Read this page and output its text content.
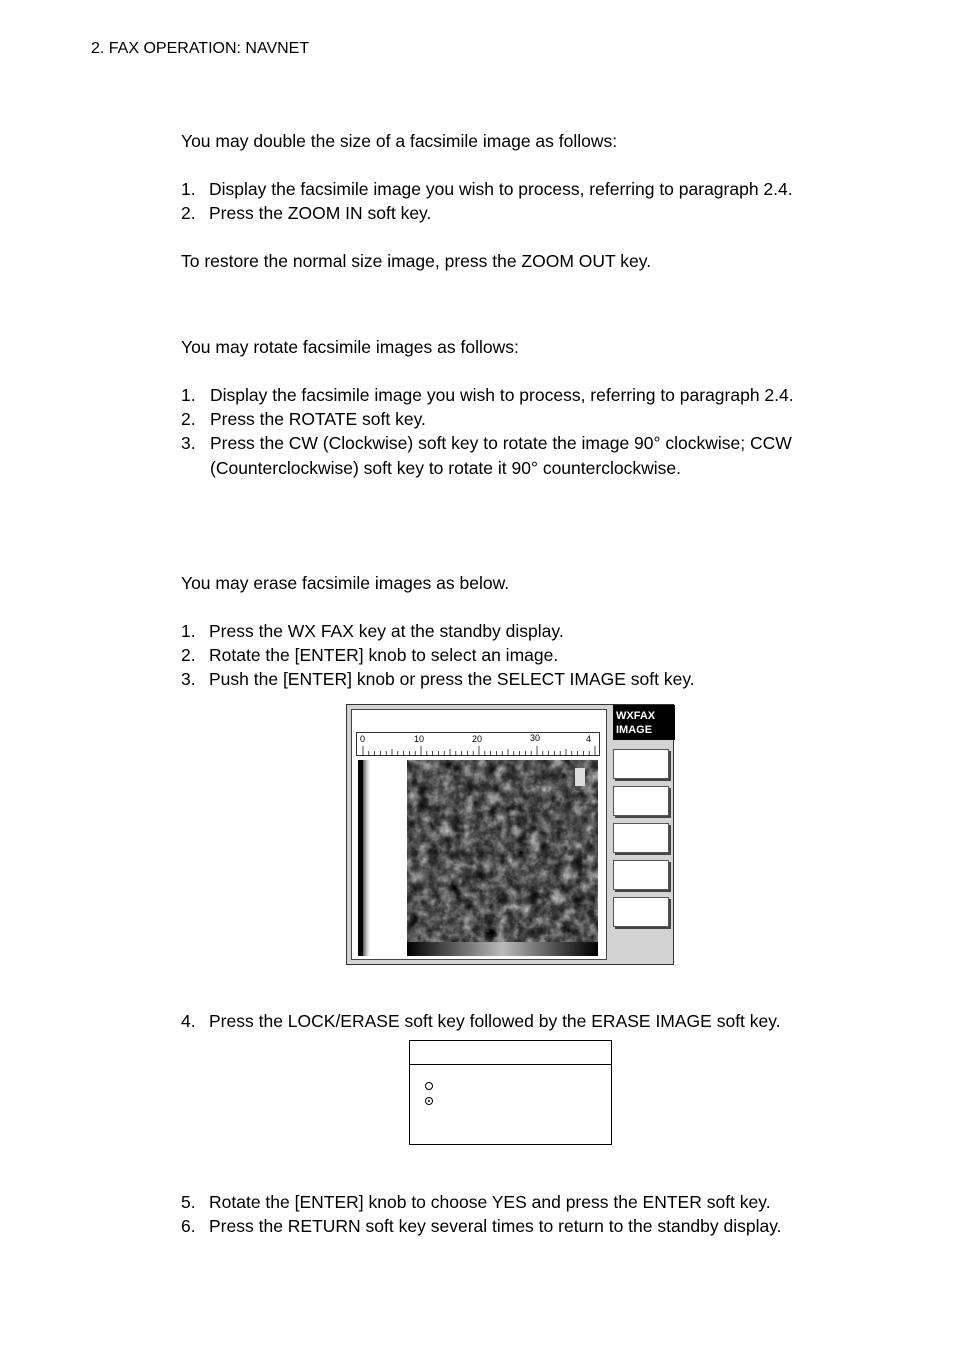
2. FAX OPERATION: NAVNET
You may double the size of a facsimile image as follows:
1. Display the facsimile image you wish to process, referring to paragraph 2.4.
2. Press the ZOOM IN soft key.
To restore the normal size image, press the ZOOM OUT key.
You may rotate facsimile images as follows:
1. Display the facsimile image you wish to process, referring to paragraph 2.4.
2. Press the ROTATE soft key.
3. Press the CW (Clockwise) soft key to rotate the image 90° clockwise; CCW
(Counterclockwise) soft key to rotate it 90° counterclockwise.
You may erase facsimile images as below.
1. Press the WX FAX key at the standby display.
2. Rotate the [ENTER] knob to select an image.
3. Push the [ENTER] knob or press the SELECT IMAGE soft key.
0	10	20	30	4
WXFAX
IMAGE
4. Press the LOCK/ERASE soft key followed by the ERASE IMAGE soft key.
5. Rotate the [ENTER] knob to choose YES and press the ENTER soft key.
6. Press the RETURN soft key several times to return to the standby display.
